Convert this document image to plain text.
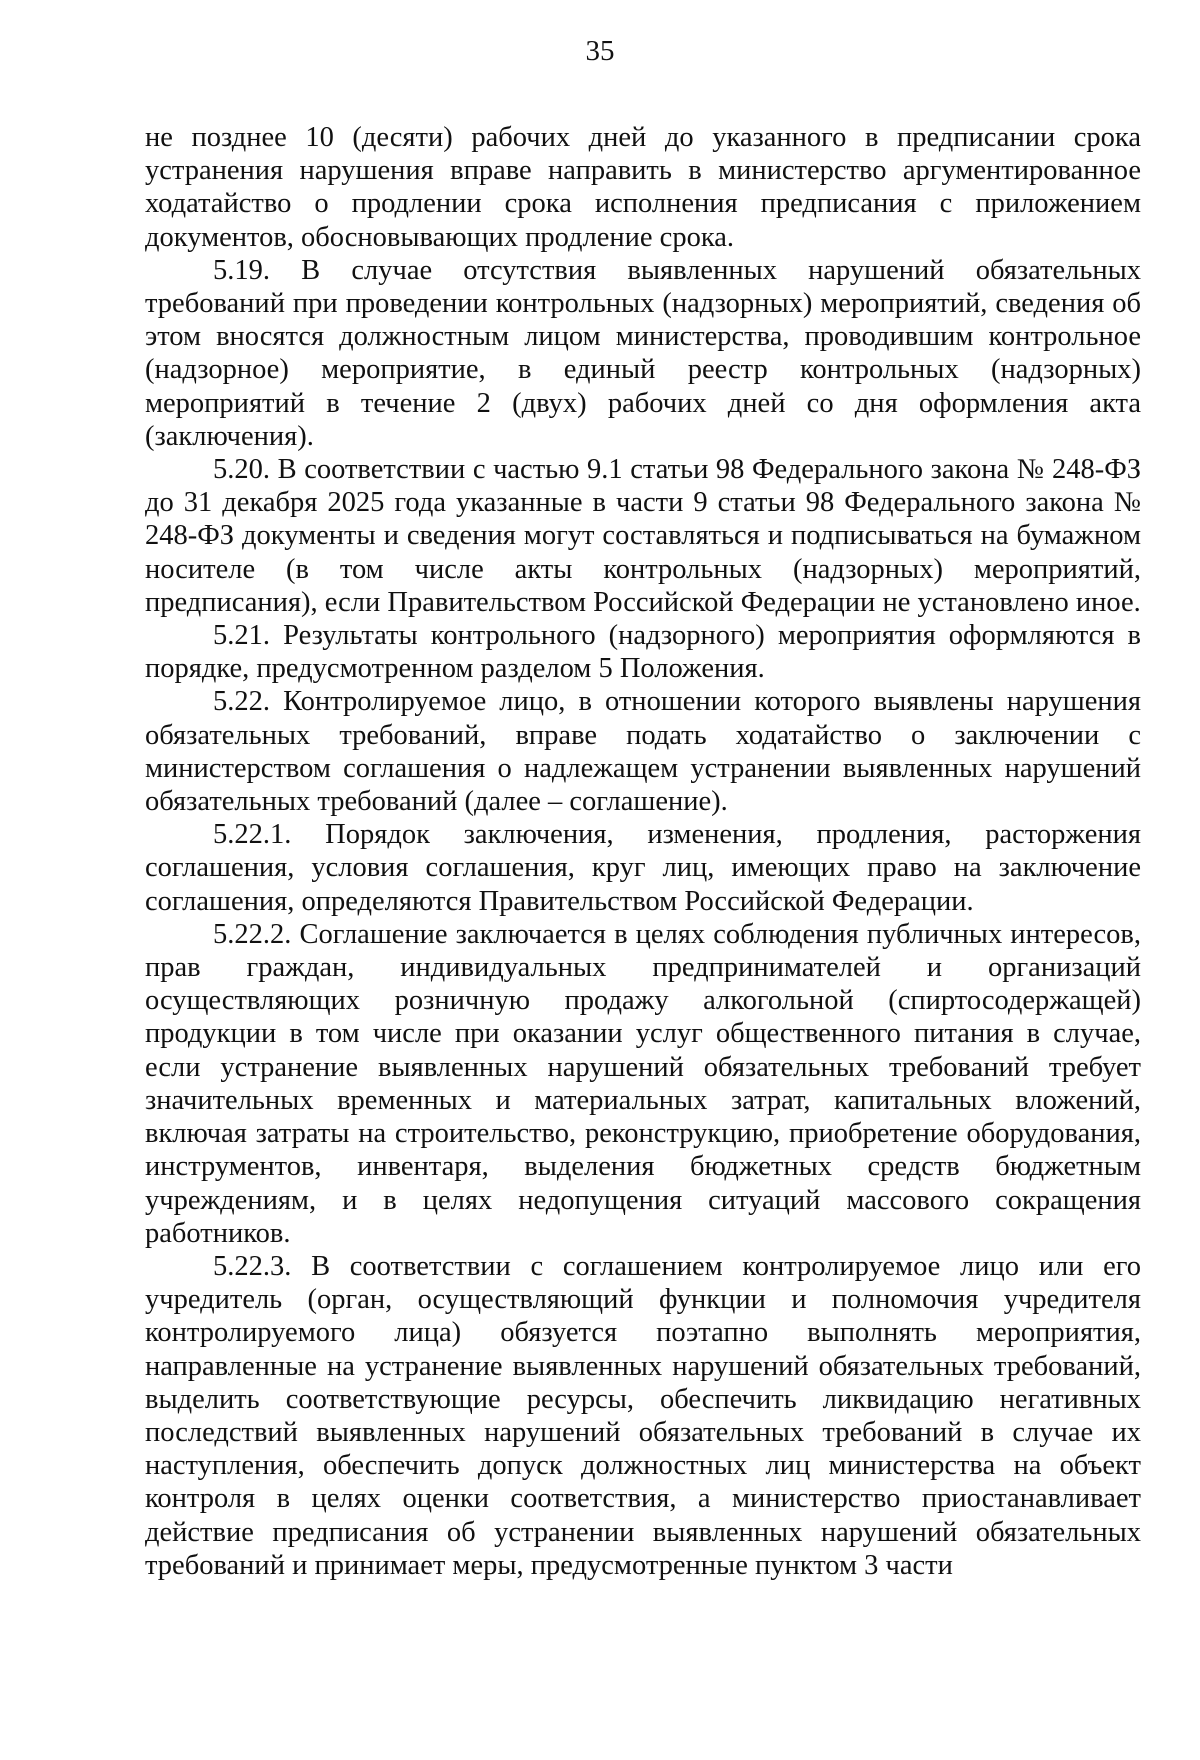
35

не позднее 10 (десяти) рабочих дней до указанного в предписании срока устранения нарушения вправе направить в министерство аргументированное ходатайство о продлении срока исполнения предписания с приложением документов, обосновывающих продление срока.

5.19. В случае отсутствия выявленных нарушений обязательных требований при проведении контрольных (надзорных) мероприятий, сведения об этом вносятся должностным лицом министерства, проводившим контрольное (надзорное) мероприятие, в единый реестр контрольных (надзорных) мероприятий в течение 2 (двух) рабочих дней со дня оформления акта (заключения).

5.20. В соответствии с частью 9.1 статьи 98 Федерального закона № 248-ФЗ до 31 декабря 2025 года указанные в части 9 статьи 98 Федерального закона № 248-ФЗ документы и сведения могут составляться и подписываться на бумажном носителе (в том числе акты контрольных (надзорных) мероприятий, предписания), если Правительством Российской Федерации не установлено иное.

5.21. Результаты контрольного (надзорного) мероприятия оформляются в порядке, предусмотренном разделом 5 Положения.

5.22. Контролируемое лицо, в отношении которого выявлены нарушения обязательных требований, вправе подать ходатайство о заключении с министерством соглашения о надлежащем устранении выявленных нарушений обязательных требований (далее – соглашение).

5.22.1. Порядок заключения, изменения, продления, расторжения соглашения, условия соглашения, круг лиц, имеющих право на заключение соглашения, определяются Правительством Российской Федерации.

5.22.2. Соглашение заключается в целях соблюдения публичных интересов, прав граждан, индивидуальных предпринимателей и организаций осуществляющих розничную продажу алкогольной (спиртосодержащей) продукции в том числе при оказании услуг общественного питания в случае, если устранение выявленных нарушений обязательных требований требует значительных временных и материальных затрат, капитальных вложений, включая затраты на строительство, реконструкцию, приобретение оборудования, инструментов, инвентаря, выделения бюджетных средств бюджетным учреждениям, и в целях недопущения ситуаций массового сокращения работников.

5.22.3. В соответствии с соглашением контролируемое лицо или его учредитель (орган, осуществляющий функции и полномочия учредителя контролируемого лица) обязуется поэтапно выполнять мероприятия, направленные на устранение выявленных нарушений обязательных требований, выделить соответствующие ресурсы, обеспечить ликвидацию негативных последствий выявленных нарушений обязательных требований в случае их наступления, обеспечить допуск должностных лиц министерства на объект контроля в целях оценки соответствия, а министерство приостанавливает действие предписания об устранении выявленных нарушений обязательных требований и принимает меры, предусмотренные пунктом 3 части
